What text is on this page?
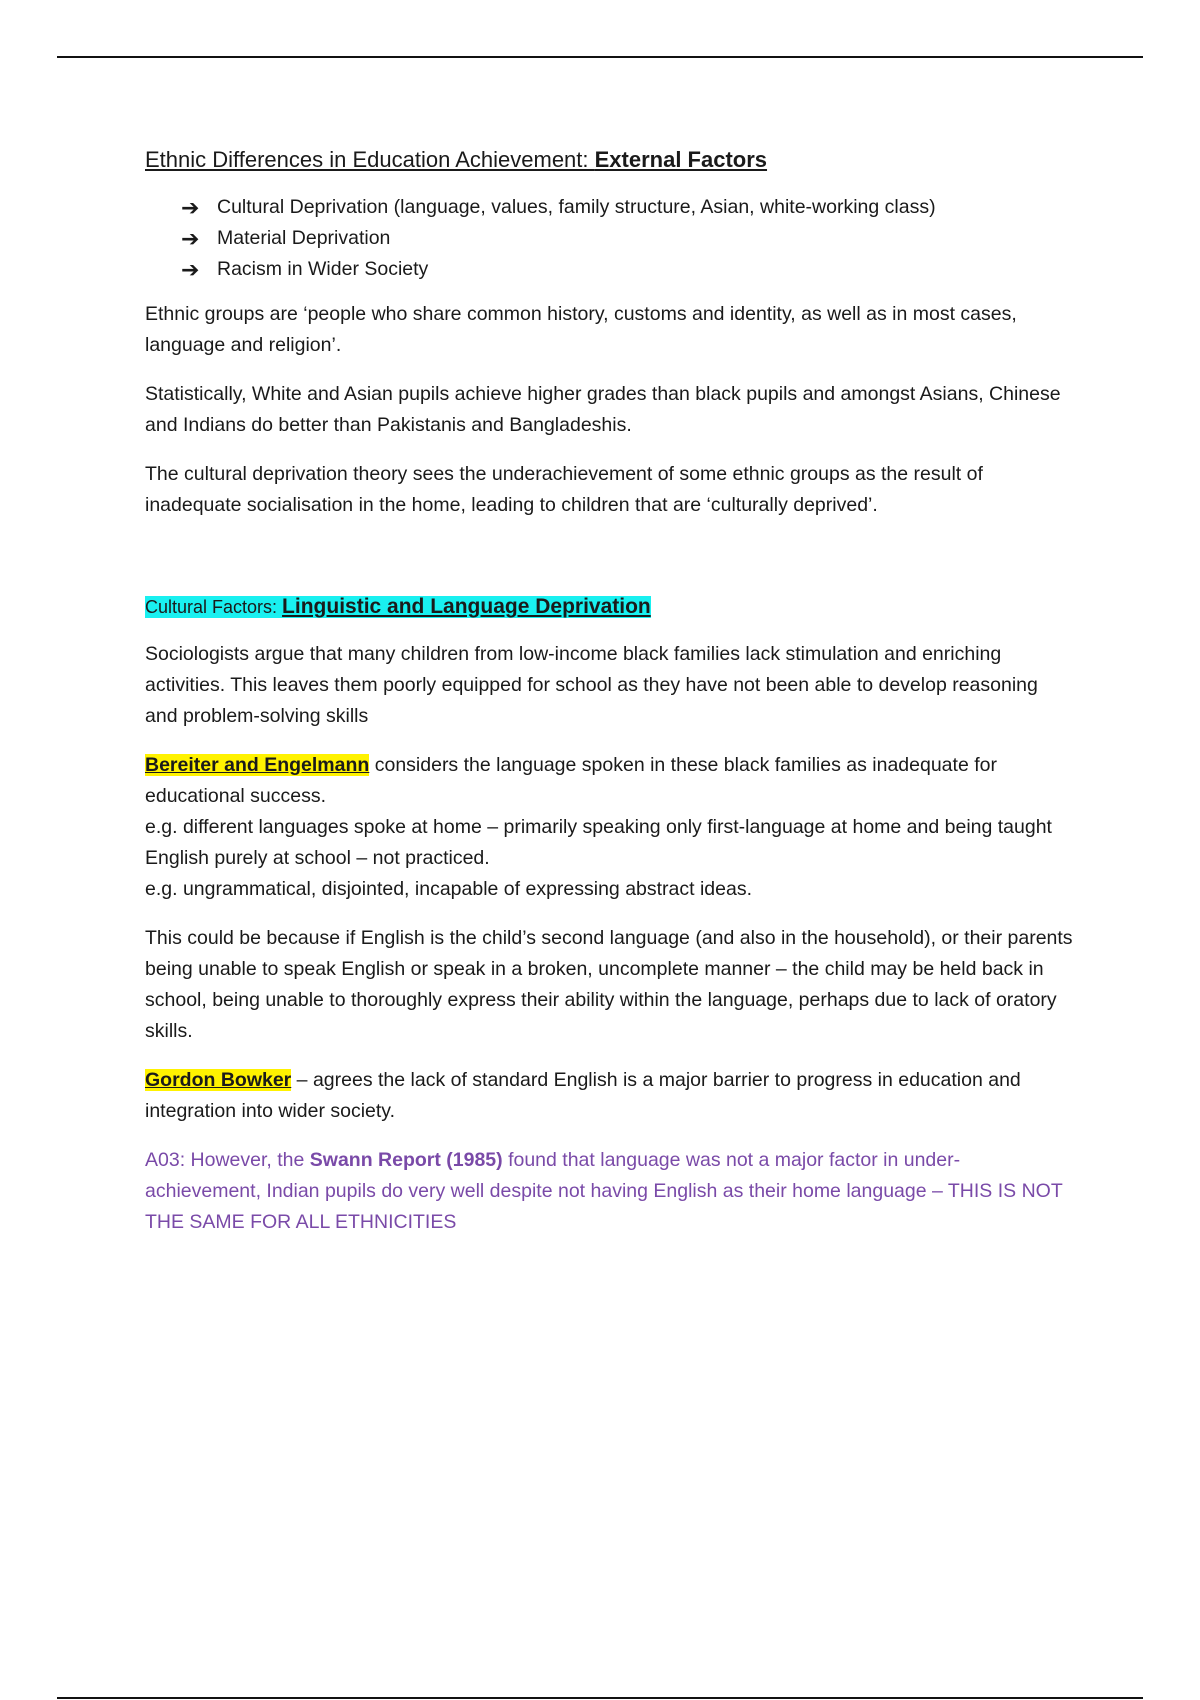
Ethnic Differences in Education Achievement: External Factors
➔ Cultural Deprivation (language, values, family structure, Asian, white-working class)
➔ Material Deprivation
➔ Racism in Wider Society

Ethnic groups are ‘people who share common history, customs and identity, as well as in most cases, language and religion’.

Statistically, White and Asian pupils achieve higher grades than black pupils and amongst Asians, Chinese and Indians do better than Pakistanis and Bangladeshis.

The cultural deprivation theory sees the underachievement of some ethnic groups as the result of inadequate socialisation in the home, leading to children that are ‘culturally deprived’.

Cultural Factors: Linguistic and Language Deprivation

Sociologists argue that many children from low-income black families lack stimulation and enriching activities. This leaves them poorly equipped for school as they have not been able to develop reasoning and problem-solving skills

Bereiter and Engelmann considers the language spoken in these black families as inadequate for educational success.
e.g. different languages spoke at home – primarily speaking only first-language at home and being taught English purely at school – not practiced.
e.g. ungrammatical, disjointed, incapable of expressing abstract ideas.

This could be because if English is the child’s second language (and also in the household), or their parents being unable to speak English or speak in a broken, uncomplete manner – the child may be held back in school, being unable to thoroughly express their ability within the language, perhaps due to lack of oratory skills.

Gordon Bowker – agrees the lack of standard English is a major barrier to progress in education and integration into wider society.

A03: However, the Swann Report (1985) found that language was not a major factor in under-achievement, Indian pupils do very well despite not having English as their home language – THIS IS NOT THE SAME FOR ALL ETHNICITIES
